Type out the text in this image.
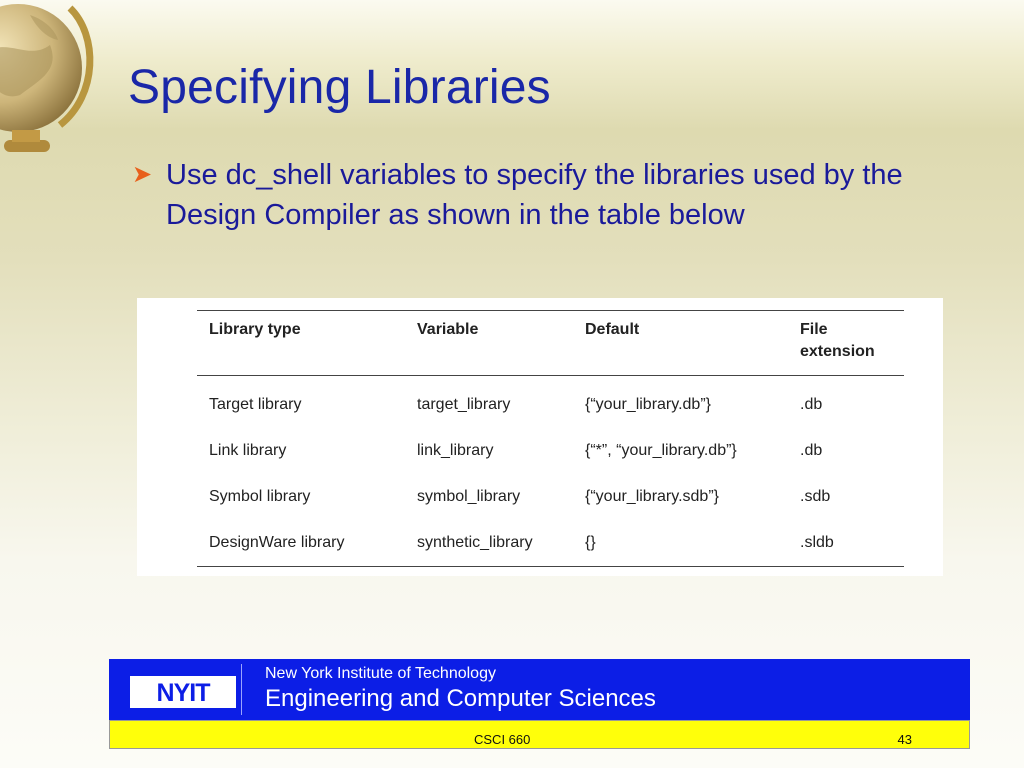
Specifying Libraries
➤ Use dc_shell variables to specify the libraries used by the Design Compiler as shown in the table below
Library type	Variable	Default	File extension
Target library	target_library	{“your_library.db”}	.db
Link library	link_library	{“*”, “your_library.db”}	.db
Symbol library	symbol_library	{“your_library.sdb”}	.sdb
DesignWare library	synthetic_library	{}	.sldb
NYIT
New York Institute of Technology
Engineering and Computer Sciences
CSCI 660	43
